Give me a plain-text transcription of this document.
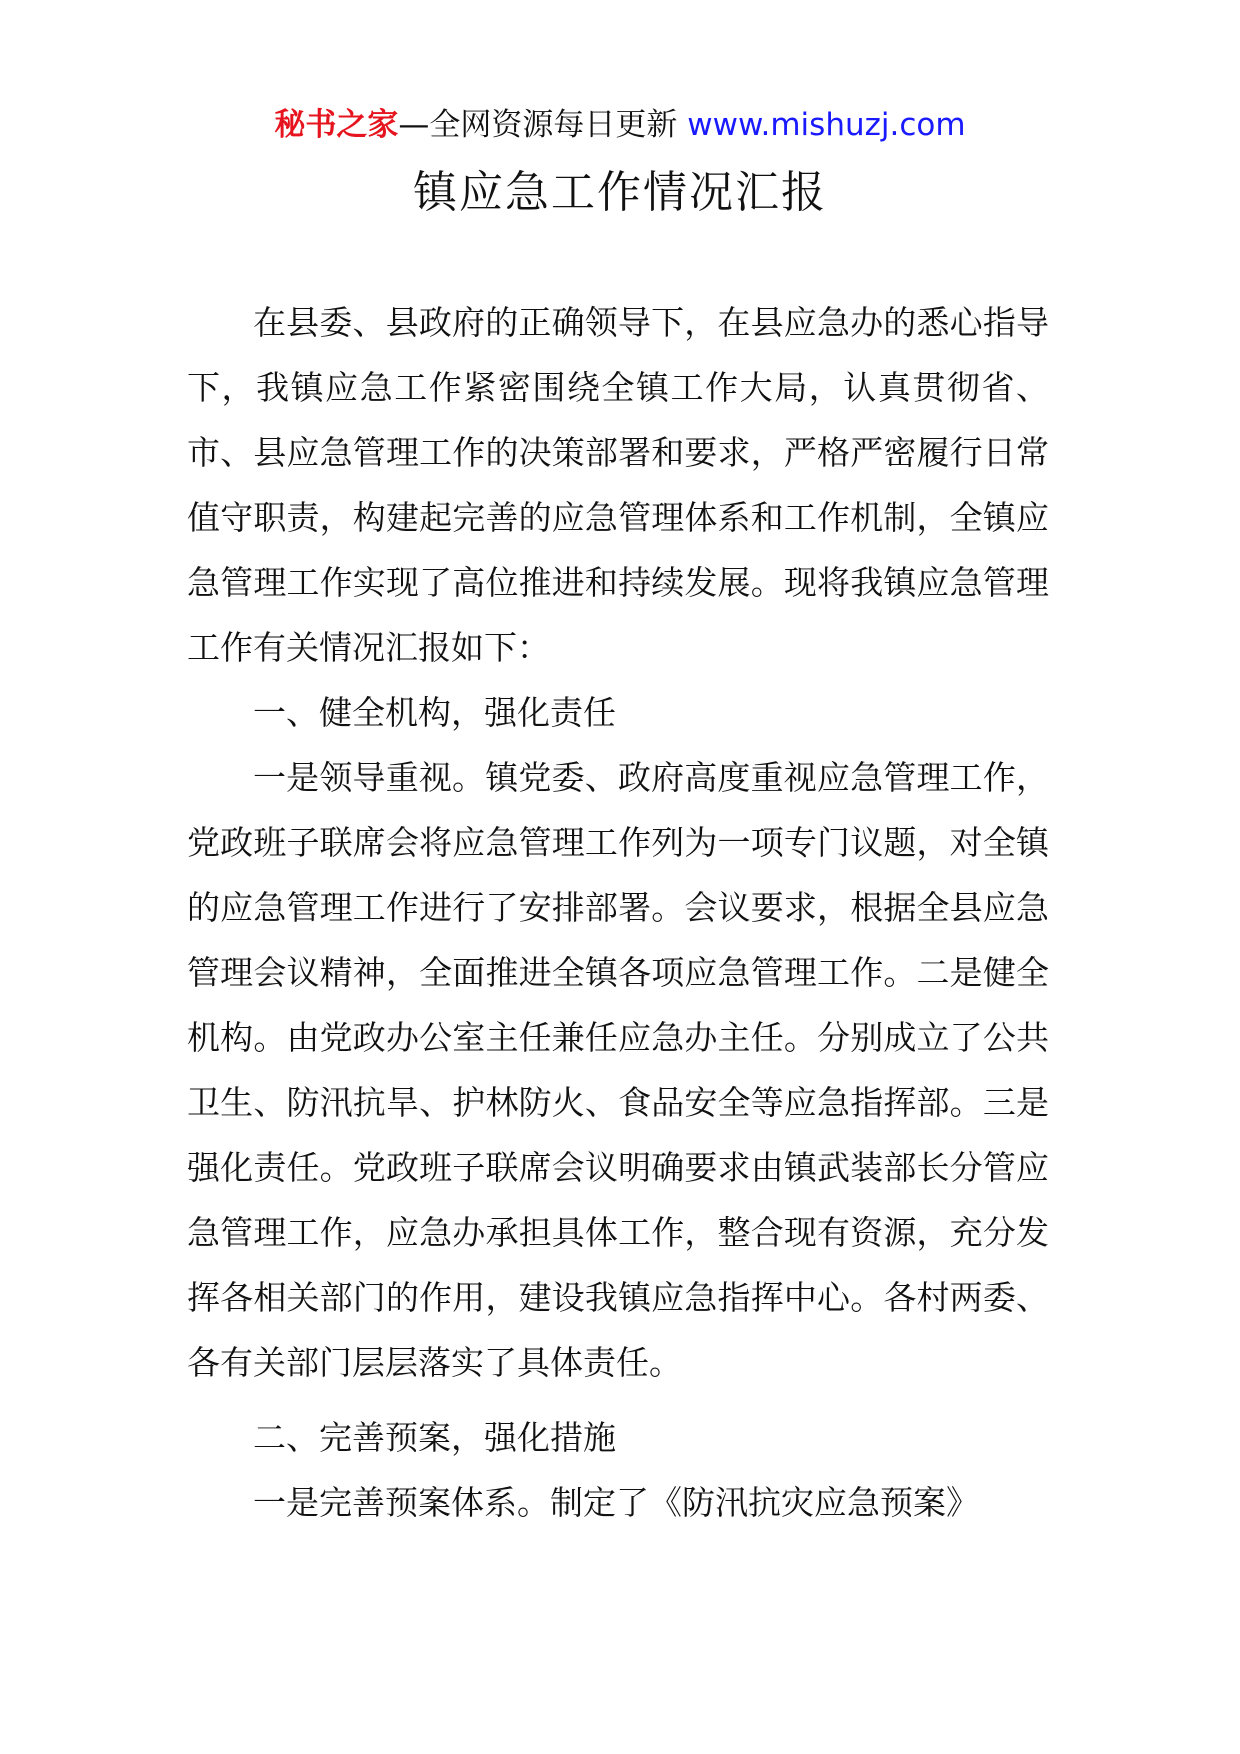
秘书之家—全网资源每日更新 www.mishuzj.com
镇应急工作情况汇报

在县委、县政府的正确领导下，在县应急办的悉心指导下，我镇应急工作紧密围绕全镇工作大局，认真贯彻省、市、县应急管理工作的决策部署和要求，严格严密履行日常值守职责，构建起完善的应急管理体系和工作机制，全镇应急管理工作实现了高位推进和持续发展。现将我镇应急管理工作有关情况汇报如下：

一、健全机构，强化责任

一是领导重视。镇党委、政府高度重视应急管理工作，党政班子联席会将应急管理工作列为一项专门议题，对全镇的应急管理工作进行了安排部署。会议要求，根据全县应急管理会议精神，全面推进全镇各项应急管理工作。二是健全机构。由党政办公室主任兼任应急办主任。分别成立了公共卫生、防汛抗旱、护林防火、食品安全等应急指挥部。三是强化责任。党政班子联席会议明确要求由镇武装部长分管应急管理工作，应急办承担具体工作，整合现有资源，充分发挥各相关部门的作用，建设我镇应急指挥中心。各村两委、各有关部门层层落实了具体责任。

二、完善预案，强化措施

一是完善预案体系。制定了《防汛抗灾应急预案》
